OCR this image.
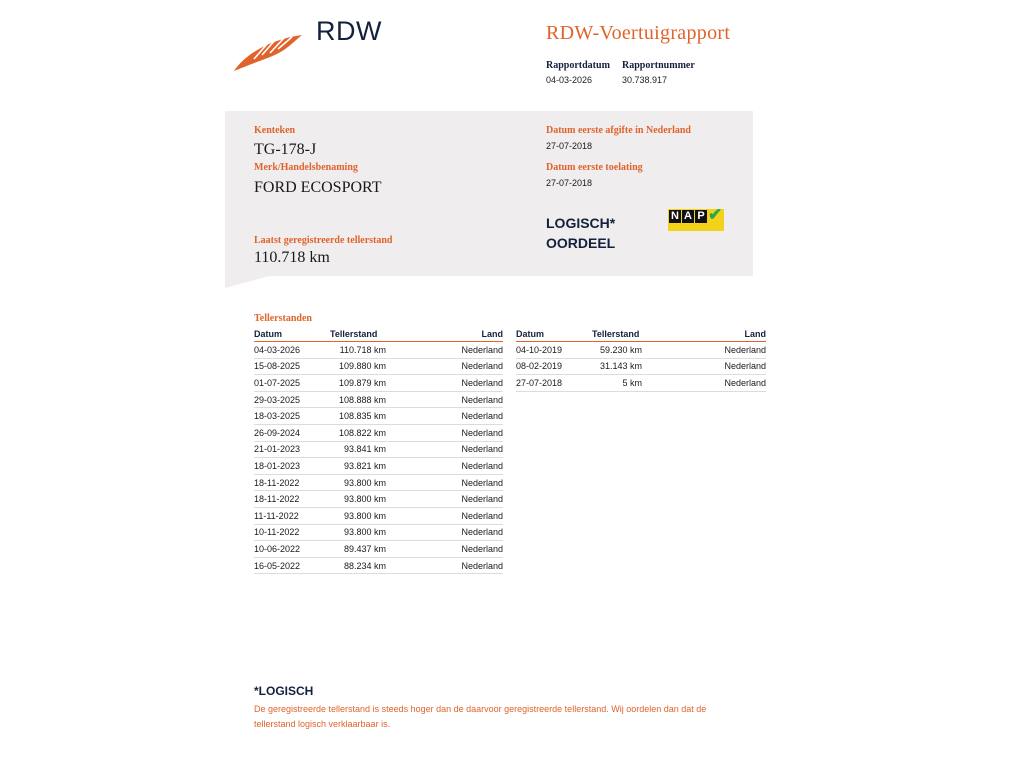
RDW	RDW-Voertuigrapport
Rapportdatum Rapportnummer
04-03-2026	30.738.917
Kenteken
TG-178-J
Merk/Handelsbenaming
FORD ECOSPORT
Laatst geregistreerde tellerstand
110.718 km
Datum eerste afgifte in Nederland
27-07-2018
Datum eerste toelating
27-07-2018
LOGISCH*
OORDEEL
N A P ✔
Tellerstanden
Datum	Tellerstand	Land
04-03-2026	110.718 km	Nederland
15-08-2025	109.880 km	Nederland
01-07-2025	109.879 km	Nederland
29-03-2025	108.888 km	Nederland
18-03-2025	108.835 km	Nederland
26-09-2024	108.822 km	Nederland
21-01-2023	93.841 km	Nederland
18-01-2023	93.821 km	Nederland
18-11-2022	93.800 km	Nederland
18-11-2022	93.800 km	Nederland
11-11-2022	93.800 km	Nederland
10-11-2022	93.800 km	Nederland
10-06-2022	89.437 km	Nederland
16-05-2022	88.234 km	Nederland
Datum	Tellerstand	Land
04-10-2019	59.230 km	Nederland
08-02-2019	31.143 km	Nederland
27-07-2018	5 km	Nederland
*LOGISCH
De geregistreerde tellerstand is steeds hoger dan de daarvoor geregistreerde tellerstand. Wij oordelen dan dat de tellerstand logisch verklaarbaar is.
